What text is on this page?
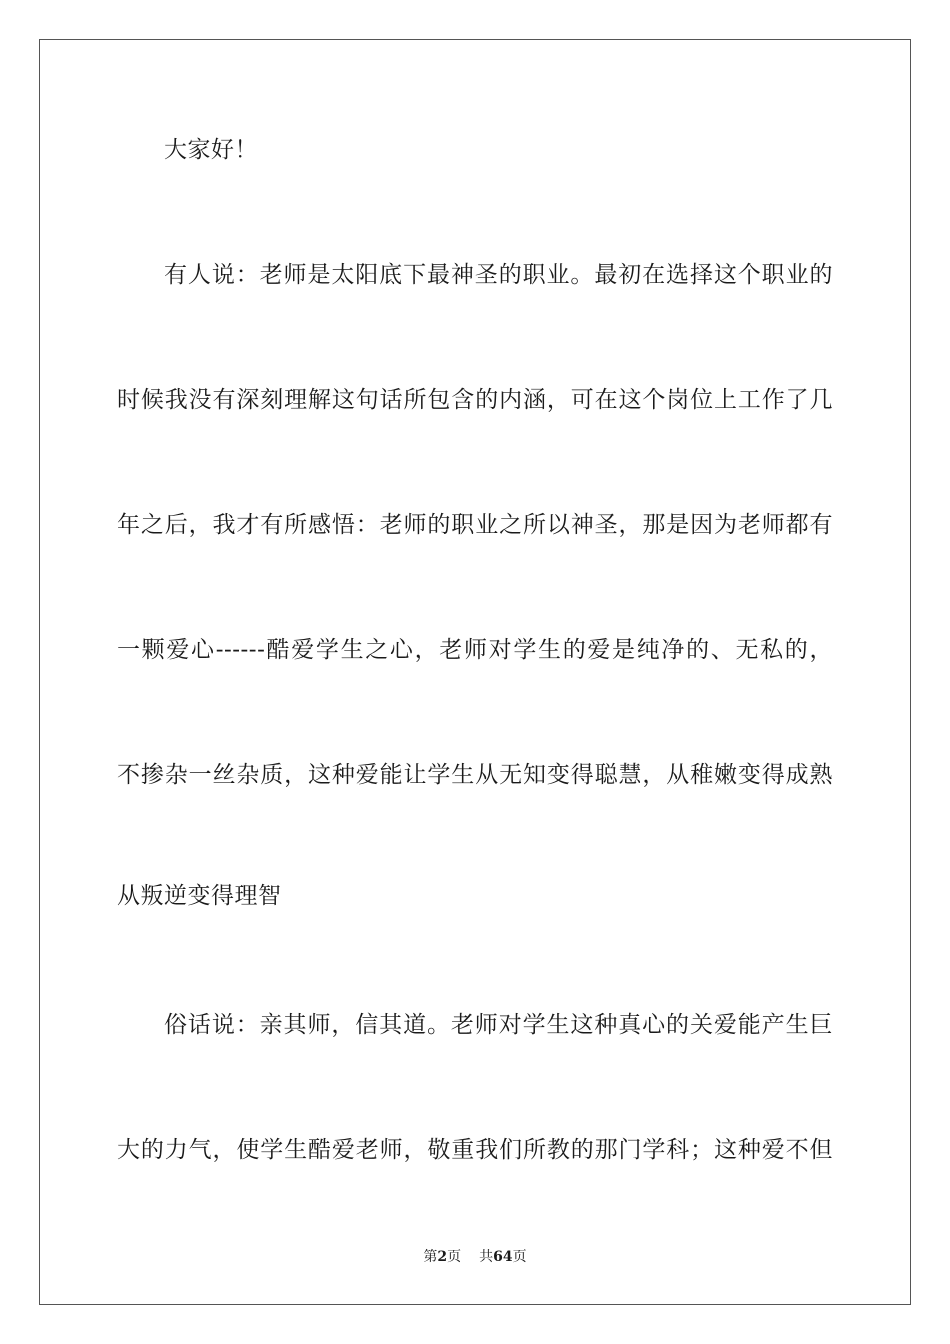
大家好！
有人说：老师是太阳底下最神圣的职业。最初在选择这个职业的
时候我没有深刻理解这句话所包含的内涵，可在这个岗位上工作了几
年之后，我才有所感悟：老师的职业之所以神圣，那是因为老师都有
一颗爱心------酷爱学生之心，老师对学生的爱是纯净的、无私的，
不掺杂一丝杂质，这种爱能让学生从无知变得聪慧，从稚嫩变得成熟
从叛逆变得理智
俗话说：亲其师，信其道。老师对学生这种真心的关爱能产生巨
大的力气，使学生酷爱老师，敬重我们所教的那门学科；这种爱不但
第2页 共64页
